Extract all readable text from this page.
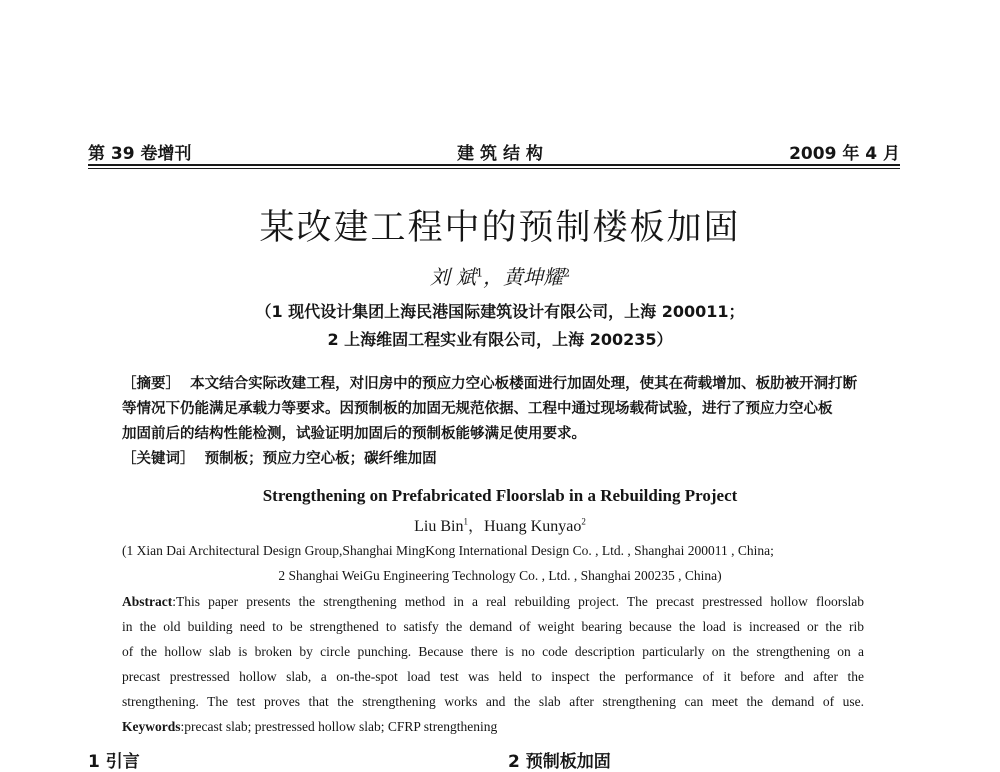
第 39 卷增刊	建 筑 结 构	2009 年 4 月
某改建工程中的预制楼板加固
刘 斌$^1$，黄坤耀$^2$
（1 现代设计集团上海民港国际建筑设计有限公司，上海 200011；
2 上海维固工程实业有限公司，上海 200235）
［摘要］ 本文结合实际改建工程，对旧房中的预应力空心板楼面进行加固处理，使其在荷载增加、板肋被开洞打断
等情况下仍能满足承载力等要求。因预制板的加固无规范依据、工程中通过现场载荷试验，进行了预应力空心板
加固前后的结构性能检测，试验证明加固后的预制板能够满足使用要求。
［关键词］ 预制板；预应力空心板；碳纤维加固
Strengthening on Prefabricated Floorslab in a Rebuilding Project
Liu Bin$^1$，Huang Kunyao$^2$
(1 Xian Dai Architectural Design Group,Shanghai MingKong International Design Co. , Ltd. , Shanghai 200011 , China;
2 Shanghai WeiGu Engineering Technology Co. , Ltd. , Shanghai 200235 , China)
Abstract:This paper presents the strengthening method in a real rebuilding project. The precast prestressed hollow floorslab
in the old building need to be strengthened to satisfy the demand of weight bearing because the load is increased or the rib
of the hollow slab is broken by circle punching. Because there is no code description particularly on the strengthening on a
precast prestressed hollow slab, a on-the-spot load test was held to inspect the performance of it before and after the
strengthening. The test proves that the strengthening works and the slab after strengthening can meet the demand of use.
Keywords:precast slab; prestressed hollow slab; CFRP strengthening
1 引言	2 预制板加固
